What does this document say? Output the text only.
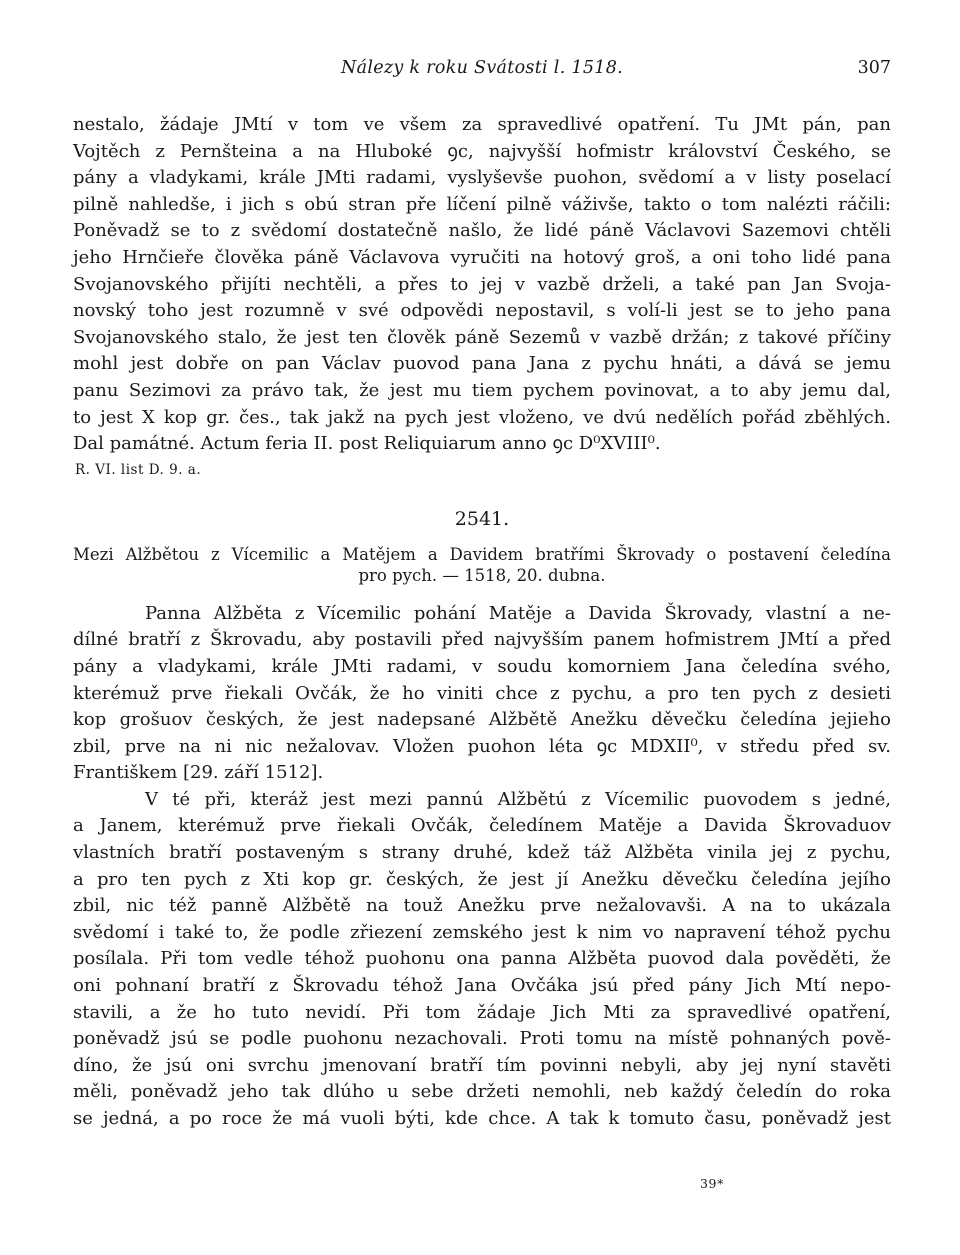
Nálezy k roku Svátosti l. 1518.	307
nestalo, žádaje JMtí v tom ve všem za spravedlivé opatření. Tu JMt pán, pan
Vojtěch z Pernšteina a na Hluboké ꝯc, najvyšší hofmistr království Českého, se
pány a vladykami, krále JMti radami, vyslyševše puohon, svědomí a v listy poselací
pilně nahledše, i jich s obú stran pře líčení pilně váživše, takto o tom nalézti ráčili:
Poněvadž se to z svědomí dostatečně našlo, že lidé páně Václavovi Sazemovi chtěli
jeho Hrnčieře člověka páně Václavova vyručiti na hotový groš, a oni toho lidé pana
Svojanovského přijíti nechtěli, a přes to jej v vazbě drželi, a také pan Jan Svoja-
novský toho jest rozumně v své odpovědi nepostavil, s volí-li jest se to jeho pana
Svojanovského stalo, že jest ten člověk páně Sezemů v vazbě držán; z takové příčiny
mohl jest dobře on pan Václav puovod pana Jana z pychu hnáti, a dává se jemu
panu Sezimovi za právo tak, že jest mu tiem pychem povinovat, a to aby jemu dal,
to jest X kop gr. čes., tak jakž na pych jest vloženo, ve dvú nedělích pořád zběhlých.
Dal památné. Actum feria II. post Reliquiarum anno ꝯc D⁰XVIII⁰.
R. VI. list D. 9. a.
2541.
Mezi Alžbětou z Vícemilic a Matějem a Davidem bratřími Škrovady o postavení čeledína
pro pych. — 1518, 20. dubna.
Panna Alžběta z Vícemilic pohání Matěje a Davida Škrovady, vlastní a ne-
dílné bratří z Škrovadu, aby postavili před najvyšším panem hofmistrem JMtí a před
pány a vladykami, krále JMti radami, v soudu komorniem Jana čeledína svého,
kterémuž prve řiekali Ovčák, že ho viniti chce z pychu, a pro ten pych z desieti
kop grošuov českých, že jest nadepsané Alžbětě Anežku děvečku čeledína jejieho
zbil, prve na ni nic nežalovav. Vložen puohon léta ꝯc MDXII⁰, v středu před sv.
Františkem [29. září 1512].
V té při, kteráž jest mezi pannú Alžbětú z Vícemilic puovodem s jedné,
a Janem, kterémuž prve řiekali Ovčák, čeledínem Matěje a Davida Škrovaduov
vlastních bratří postaveným s strany druhé, kdež táž Alžběta vinila jej z pychu,
a pro ten pych z Xti kop gr. českých, že jest jí Anežku děvečku čeledína jejího
zbil, nic též panně Alžbětě na touž Anežku prve nežalovavši. A na to ukázala
svědomí i také to, že podle zřiezení zemského jest k nim vo napravení téhož pychu
posílala. Při tom vedle téhož puohonu ona panna Alžběta puovod dala pověděti, že
oni pohnaní bratří z Škrovadu téhož Jana Ovčáka jsú před pány Jich Mtí nepo-
stavili, a že ho tuto nevidí. Při tom žádaje Jich Mti za spravedlivé opatření,
poněvadž jsú se podle puohonu nezachovali. Proti tomu na místě pohnaných pově-
díno, že jsú oni svrchu jmenovaní bratří tím povinni nebyli, aby jej nyní stavěti
měli, poněvadž jeho tak dlúho u sebe držeti nemohli, neb každý čeledín do roka
se jedná, a po roce že má vuoli býti, kde chce. A tak k tomuto času, poněvadž jest
39*
